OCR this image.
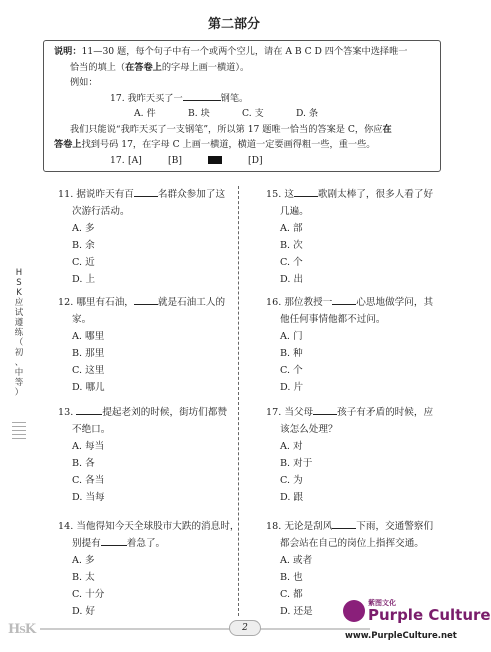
第二部分
说明：11—30 题，每个句子中有一个或两个空儿，请在 A B C D 四个答案中选择唯一
恰当的填上（在答卷上的字母上画一横道）。
例如：
17. 我昨天买了一	钢笔。
A. 件	B. 块	C. 支	D. 条
我们只能说“我昨天买了一支钢笔”，所以第 17 题唯一恰当的答案是 C，你应在
答卷上找到号码 17，在字母 C 上画一横道，横道一定要画得粗一些，重一些。
17. [A]	[B]	[D]
11. 据说昨天有百	名群众参加了这
次游行活动。
A. 多
B. 余
C. 近
D. 上
12. 哪里有石油，	就是石油工人的
家。
A. 哪里
B. 那里
C. 这里
D. 哪儿
13.	提起老刘的时候，街坊们都赞
不绝口。
A. 每当
B. 各
C. 各当
D. 当每
14. 当他得知今天全球股市大跌的消息时，
别提有	着急了。
A. 多
B. 太
C. 十分
D. 好
15. 这	歌剧太棒了，很多人看了好
几遍。
A. 部
B. 次
C. 个
D. 出
16. 那位教授一	心思地做学问，其
他任何事情他都不过问。
A. 门
B. 种
C. 个
D. 片
17. 当父母	孩子有矛盾的时候，应
该怎么处理？
A. 对
B. 对于
C. 为
D. 跟
18. 无论是刮风	下雨，交通警察们
都会站在自己的岗位上指挥交通。
A. 或者
B. 也
C. 都
D. 还是
H
S
K
应
试
遵
练
（
初
、
中
等
）
HSK	2
紫图文化
Purple Culture
www.PurpleCulture.net
